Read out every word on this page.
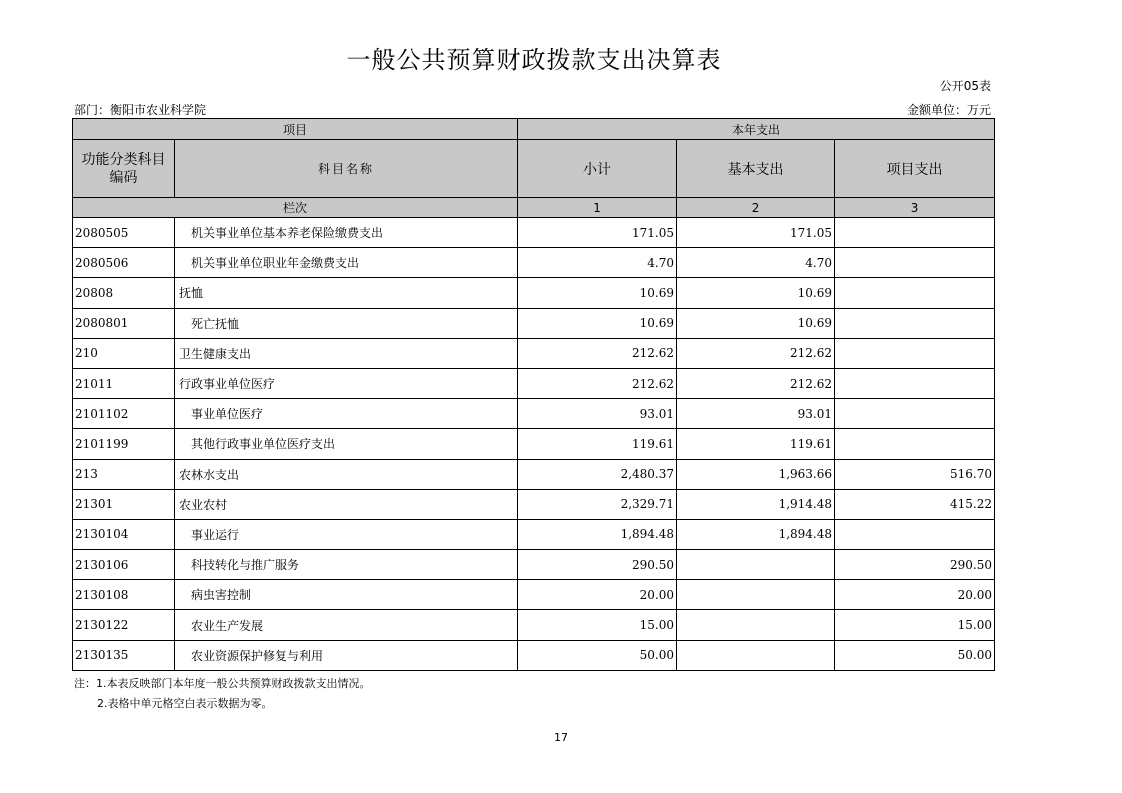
一般公共预算财政拨款支出决算表
公开05表
部门：衡阳市农业科学院	金额单位：万元
项目		本年支出		
功能分类科目编码	科目名称	小计	基本支出	项目支出
栏次		1	2	3
2080505	机关事业单位基本养老保险缴费支出	171.05	171.05	
2080506	机关事业单位职业年金缴费支出	4.70	4.70	
20808	抚恤	10.69	10.69	
2080801	死亡抚恤	10.69	10.69	
210	卫生健康支出	212.62	212.62	
21011	行政事业单位医疗	212.62	212.62	
2101102	事业单位医疗	93.01	93.01	
2101199	其他行政事业单位医疗支出	119.61	119.61	
213	农林水支出	2,480.37	1,963.66	516.70
21301	农业农村	2,329.71	1,914.48	415.22
2130104	事业运行	1,894.48	1,894.48	
2130106	科技转化与推广服务	290.50		290.50
2130108	病虫害控制	20.00		20.00
2130122	农业生产发展	15.00		15.00
2130135	农业资源保护修复与利用	50.00		50.00
注：1.本表反映部门本年度一般公共预算财政拨款支出情况。
2.表格中单元格空白表示数据为零。
17
